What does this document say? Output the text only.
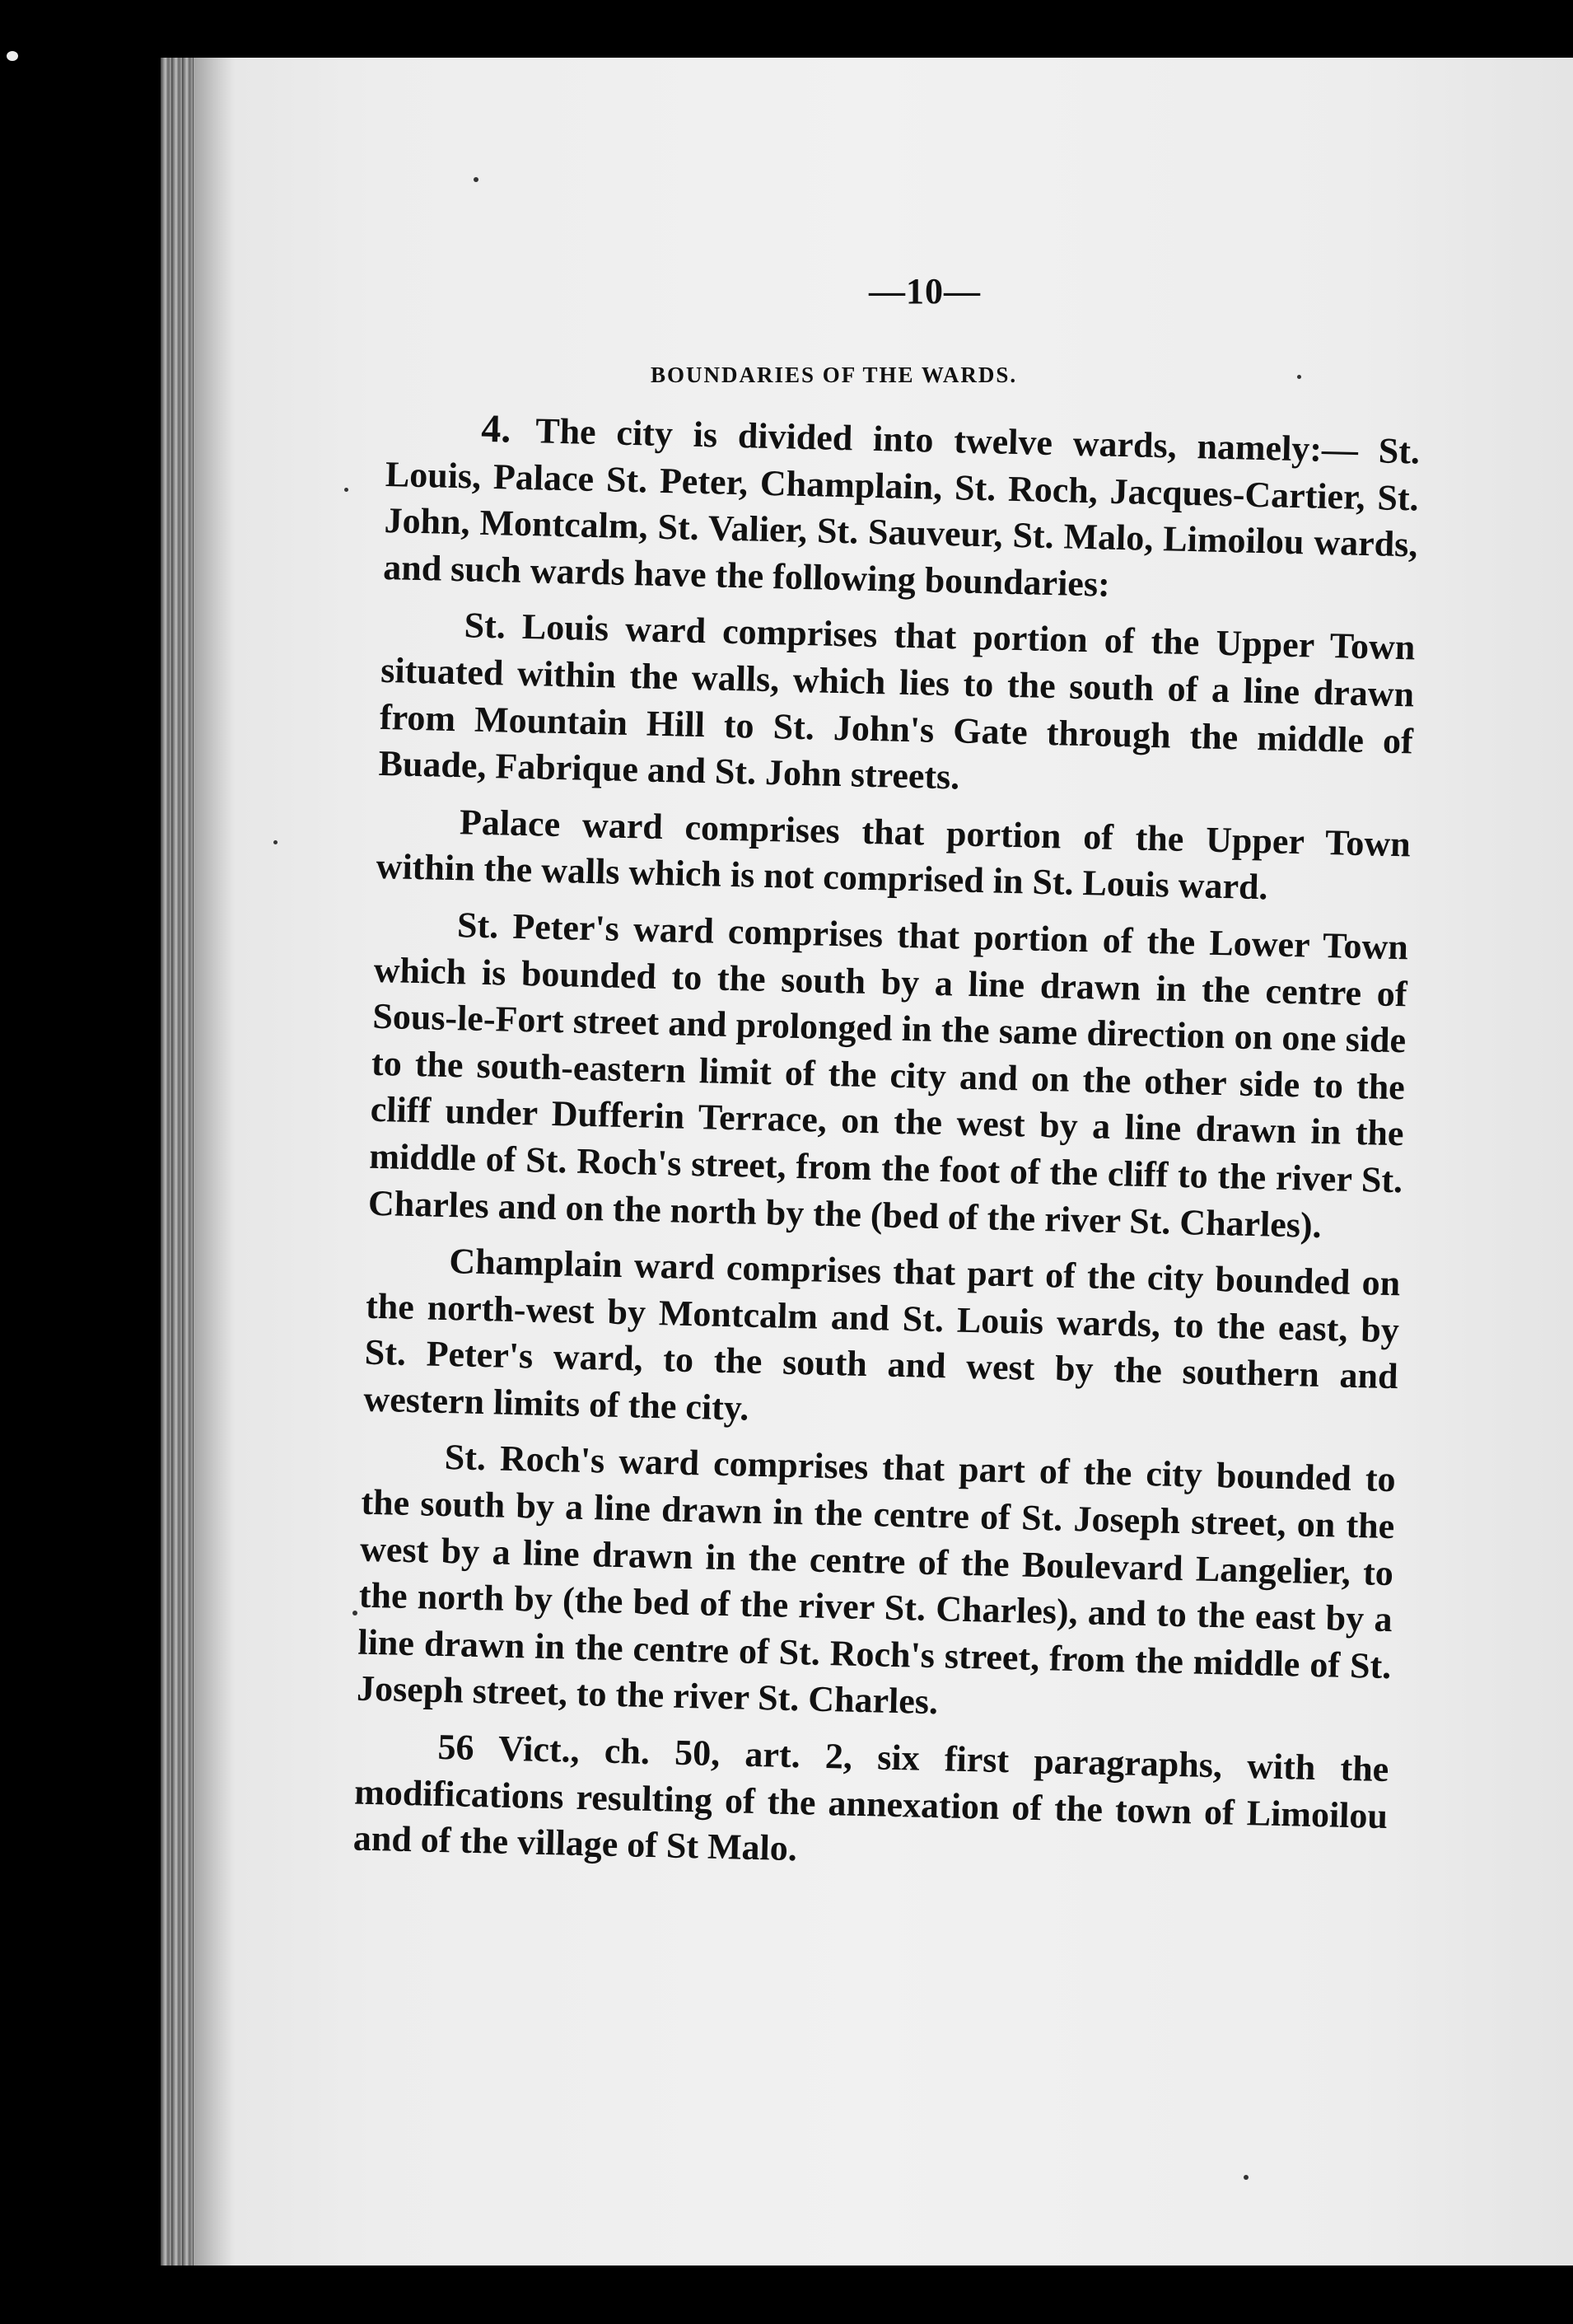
—10—
BOUNDARIES OF THE WARDS.

4. The city is divided into twelve wards, namely:— St. Louis, Palace St. Peter, Champlain, St. Roch, Jacques-Cartier, St. John, Montcalm, St. Valier, St. Sauveur, St. Malo, Limoilou wards, and such wards have the following boundaries:

St. Louis ward comprises that portion of the Upper Town situated within the walls, which lies to the south of a line drawn from Mountain Hill to St. John's Gate through the middle of Buade, Fabrique and St. John streets.

Palace ward comprises that portion of the Upper Town within the walls which is not comprised in St. Louis ward.

St. Peter's ward comprises that portion of the Lower Town which is bounded to the south by a line drawn in the centre of Sous-le-Fort street and prolonged in the same direction on one side to the south-eastern limit of the city and on the other side to the cliff under Dufferin Terrace, on the west by a line drawn in the middle of St. Roch's street, from the foot of the cliff to the river St. Charles and on the north by the (bed of the river St. Charles).

Champlain ward comprises that part of the city bounded on the north-west by Montcalm and St. Louis wards, to the east, by St. Peter's ward, to the south and west by the southern and western limits of the city.

St. Roch's ward comprises that part of the city bounded to the south by a line drawn in the centre of St. Joseph street, on the west by a line drawn in the centre of the Boulevard Langelier, to the north by (the bed of the river St. Charles), and to the east by a line drawn in the centre of St. Roch's street, from the middle of St. Joseph street, to the river St. Charles.

56 Vict., ch. 50, art. 2, six first paragraphs, with the modifications resulting of the annexation of the town of Limoilou and of the village of St Malo.
